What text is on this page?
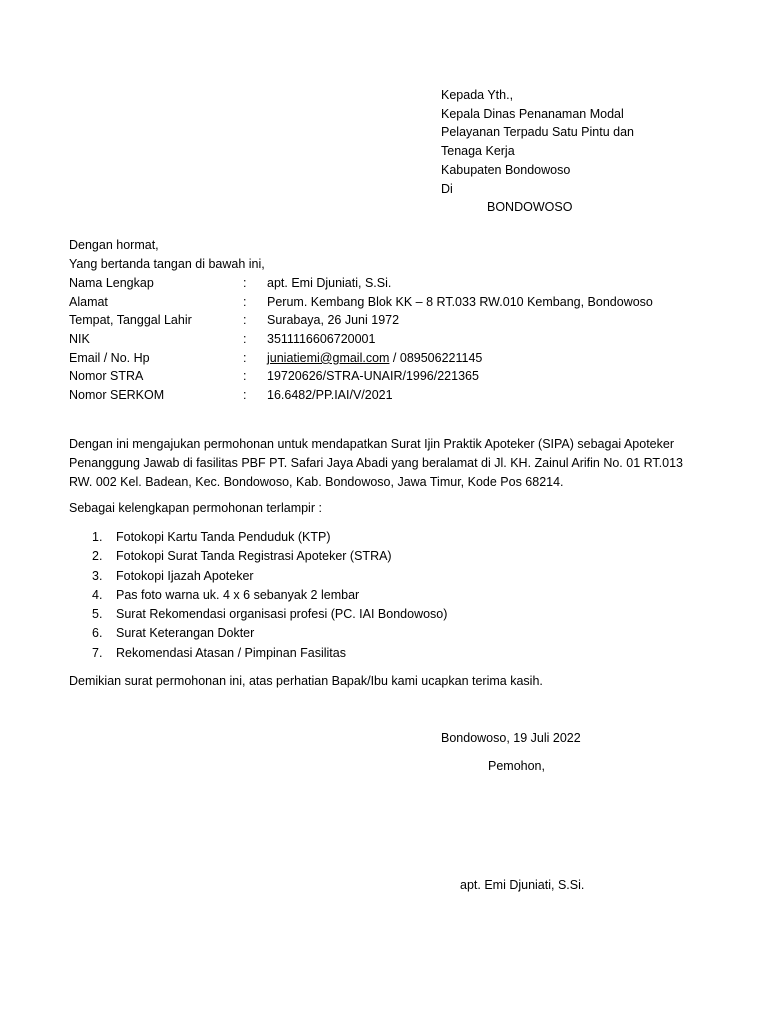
Kepada Yth.,
Kepala Dinas Penanaman Modal
Pelayanan Terpadu Satu Pintu dan
Tenaga Kerja
Kabupaten Bondowoso
Di
BONDOWOSO
Dengan hormat,
Yang bertanda tangan di bawah ini,
Nama Lengkap	: apt. Emi Djuniati, S.Si.
Alamat	: Perum. Kembang Blok KK – 8 RT.033 RW.010 Kembang, Bondowoso
Tempat, Tanggal Lahir	: Surabaya, 26 Juni 1972
NIK	: 3511116606720001
Email / No. Hp	: juniatiemi@gmail.com / 089506221145
Nomor STRA	: 19720626/STRA-UNAIR/1996/221365
Nomor SERKOM	: 16.6482/PP.IAI/V/2021
Dengan ini mengajukan permohonan untuk mendapatkan Surat Ijin Praktik Apoteker (SIPA) sebagai Apoteker
Penanggung Jawab di fasilitas PBF PT. Safari Jaya Abadi yang beralamat di Jl. KH. Zainul Arifin No. 01 RT.013
RW. 002 Kel. Badean, Kec. Bondowoso, Kab. Bondowoso, Jawa Timur, Kode Pos 68214.
Sebagai kelengkapan permohonan terlampir :
1. Fotokopi Kartu Tanda Penduduk (KTP)
2. Fotokopi Surat Tanda Registrasi Apoteker (STRA)
3. Fotokopi Ijazah Apoteker
4. Pas foto warna uk. 4 x 6 sebanyak 2 lembar
5. Surat Rekomendasi organisasi profesi (PC. IAI Bondowoso)
6. Surat Keterangan Dokter
7. Rekomendasi Atasan / Pimpinan Fasilitas
Demikian surat permohonan ini, atas perhatian Bapak/Ibu kami ucapkan terima kasih.
Bondowoso, 19 Juli 2022
Pemohon,
apt. Emi Djuniati, S.Si.
